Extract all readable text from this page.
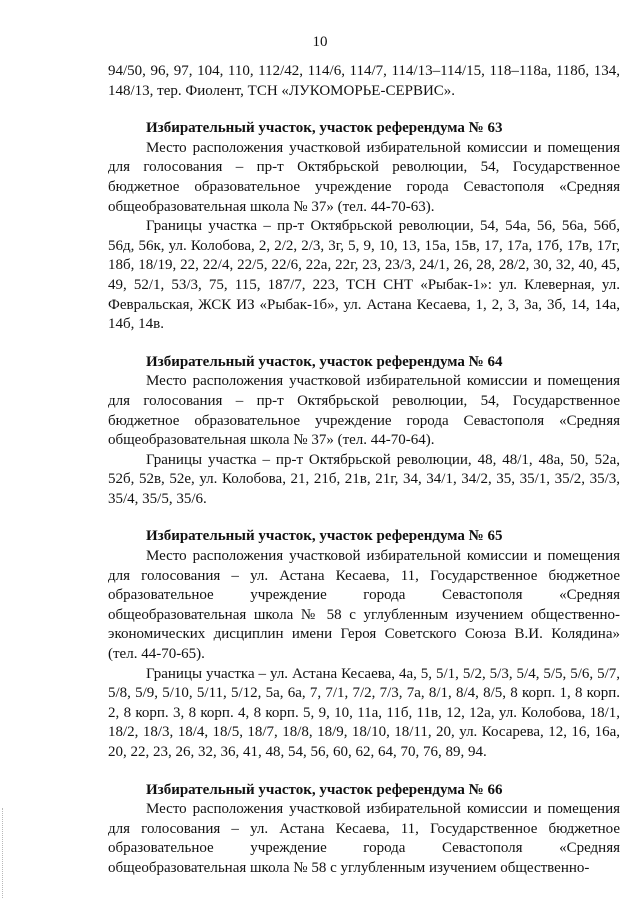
10

94/50, 96, 97, 104, 110, 112/42, 114/6, 114/7, 114/13–114/15, 118–118а, 118б, 134, 148/13, тер. Фиолент, ТСН «ЛУКОМОРЬЕ-СЕРВИС».

Избирательный участок, участок референдума № 63

Место расположения участковой избирательной комиссии и помещения для голосования – пр-т Октябрьской революции, 54, Государственное бюджетное образовательное учреждение города Севастополя «Средняя общеобразовательная школа № 37» (тел. 44-70-63).

Границы участка – пр-т Октябрьской революции, 54, 54а, 56, 56а, 56б, 56д, 56к, ул. Колобова, 2, 2/2, 2/3, 3г, 5, 9, 10, 13, 15а, 15в, 17, 17а, 17б, 17в, 17г, 18б, 18/19, 22, 22/4, 22/5, 22/6, 22а, 22г, 23, 23/3, 24/1, 26, 28, 28/2, 30, 32, 40, 45, 49, 52/1, 53/3, 75, 115, 187/7, 223, ТСН СНТ «Рыбак-1»: ул. Клеверная, ул. Февральская, ЖСК ИЗ «Рыбак-1б», ул. Астана Кесаева, 1, 2, 3, 3а, 3б, 14, 14а, 14б, 14в.

Избирательный участок, участок референдума № 64

Место расположения участковой избирательной комиссии и помещения для голосования – пр-т Октябрьской революции, 54, Государственное бюджетное образовательное учреждение города Севастополя «Средняя общеобразовательная школа № 37» (тел. 44-70-64).

Границы участка – пр-т Октябрьской революции, 48, 48/1, 48а, 50, 52а, 52б, 52в, 52е, ул. Колобова, 21, 21б, 21в, 21г, 34, 34/1, 34/2, 35, 35/1, 35/2, 35/3, 35/4, 35/5, 35/6.

Избирательный участок, участок референдума № 65

Место расположения участковой избирательной комиссии и помещения для голосования – ул. Астана Кесаева, 11, Государственное бюджетное образовательное учреждение города Севастополя «Средняя общеобразовательная школа № 58 с углубленным изучением общественно-экономических дисциплин имени Героя Советского Союза В.И. Колядина» (тел. 44-70-65).

Границы участка – ул. Астана Кесаева, 4а, 5, 5/1, 5/2, 5/3, 5/4, 5/5, 5/6, 5/7, 5/8, 5/9, 5/10, 5/11, 5/12, 5а, 6а, 7, 7/1, 7/2, 7/3, 7а, 8/1, 8/4, 8/5, 8 корп. 1, 8 корп. 2, 8 корп. 3, 8 корп. 4, 8 корп. 5, 9, 10, 11а, 11б, 11в, 12, 12а, ул. Колобова, 18/1, 18/2, 18/3, 18/4, 18/5, 18/7, 18/8, 18/9, 18/10, 18/11, 20, ул. Косарева, 12, 16, 16а, 20, 22, 23, 26, 32, 36, 41, 48, 54, 56, 60, 62, 64, 70, 76, 89, 94.

Избирательный участок, участок референдума № 66

Место расположения участковой избирательной комиссии и помещения для голосования – ул. Астана Кесаева, 11, Государственное бюджетное образовательное учреждение города Севастополя «Средняя общеобразовательная школа № 58 с углубленным изучением общественно-
